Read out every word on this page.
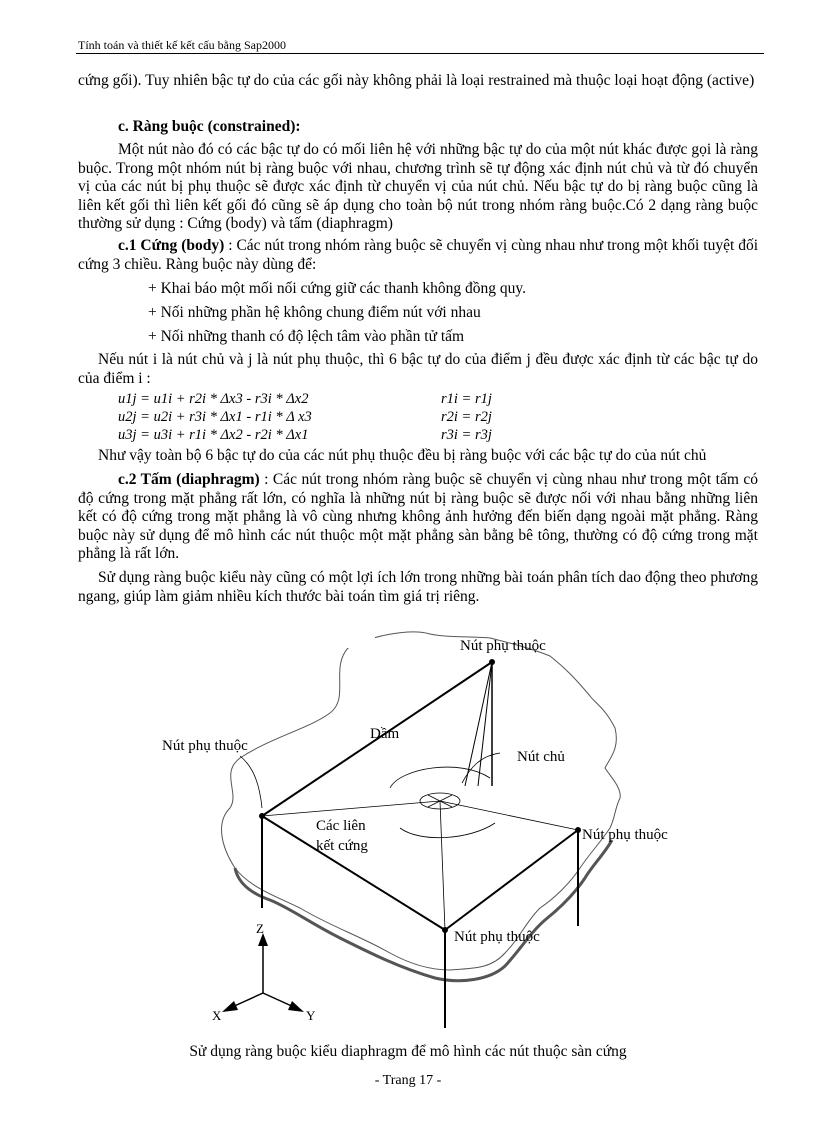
Tính toán và thiết kế kết cấu bằng Sap2000
cứng gối). Tuy nhiên bậc tự do của các gối này không phải là loại restrained mà thuộc loại hoạt động (active)
c. Ràng buộc (constrained):
Một nút nào đó có các bậc tự do có mối liên hệ với những bậc tự do của một nút khác được gọi là ràng buộc. Trong một nhóm nút bị ràng buộc với nhau, chương trình sẽ tự động xác định nút chủ và từ đó chuyển vị của các nút bị phụ thuộc sẽ được xác định từ chuyển vị của nút chủ. Nếu bậc tự do bị ràng buộc cũng là liên kết gối thì liên kết gối đó cũng sẽ áp dụng cho toàn bộ nút trong nhóm ràng buộc.Có 2 dạng ràng buộc thường sử dụng : Cứng (body) và tấm (diaphragm)
c.1 Cứng (body) : Các nút trong nhóm ràng buộc sẽ chuyển vị cùng nhau như trong một khối tuyệt đối cứng 3 chiều. Ràng buộc này dùng để:
+ Khai báo một mối nối cứng giữ các thanh không đồng quy.
+ Nối những phần hệ không chung điểm nút với nhau
+ Nối những thanh có độ lệch tâm vào phần tử tấm
Nếu nút i là nút chủ và j là nút phụ thuộc, thì 6 bậc tự do của điểm j đều được xác định từ các bậc tự do của điểm i :
u1j = u1i + r2i * Δx3 - r3i * Δx2
u2j = u2i + r3i * Δx1 - r1i * Δ x3
u3j = u3i + r1i * Δx2 - r2i * Δx1
r1i = r1j
r2i = r2j
r3i = r3j
Như vậy toàn bộ 6 bậc tự do của các nút phụ thuộc đều bị ràng buộc với các bậc tự do của nút chủ
c.2 Tấm (diaphragm) : Các nút trong nhóm ràng buộc sẽ chuyển vị cùng nhau như trong một tấm có độ cứng trong mặt phẳng rất lớn, có nghĩa là những nút bị ràng buộc sẽ được nối với nhau bằng những liên kết có độ cứng trong mặt phẳng là vô cùng nhưng không ảnh hưởng đến biến dạng ngoài mặt phẳng. Ràng buộc này sử dụng để mô hình các nút thuộc một mặt phẳng sàn bằng bê tông, thường có độ cứng trong mặt phẳng là rất lớn.
Sử dụng ràng buộc kiểu này cũng có một lợi ích lớn trong những bài toán phân tích dao động theo phương ngang, giúp làm giảm nhiều kích thước bài toán tìm giá trị riêng.
Nút phụ thuộc
Nút phụ thuộc
Dầm
Nút chủ
Các liên
kết cứng
Nút phụ thuộc
Nút phụ thuộc
Z
X	Y
Sử dụng ràng buộc kiểu diaphragm để mô hình các nút thuộc sàn cứng
- Trang 17 -
